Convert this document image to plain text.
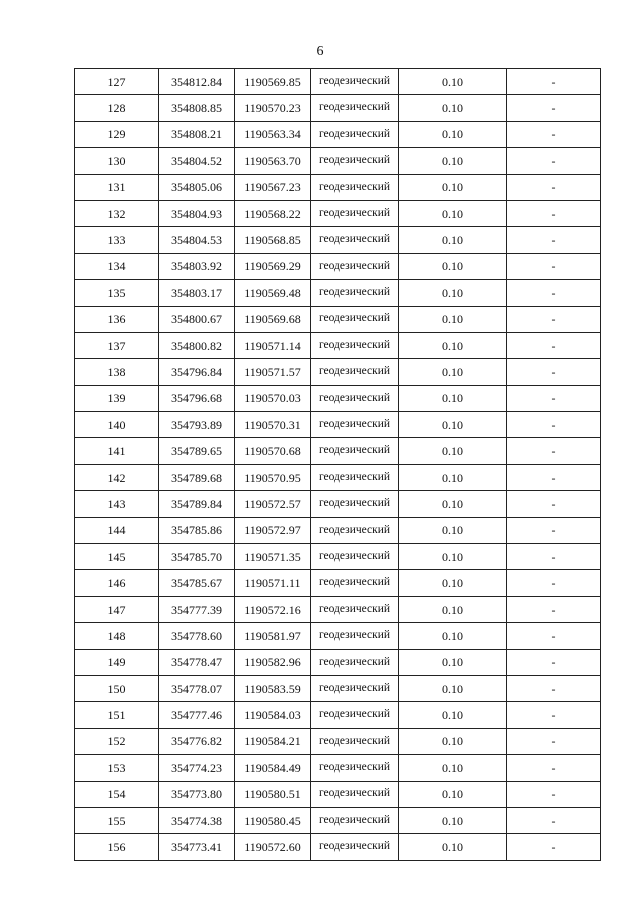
6
127	354812.84	1190569.85	геодезический	0.10	-
128	354808.85	1190570.23	геодезический	0.10	-
129	354808.21	1190563.34	геодезический	0.10	-
130	354804.52	1190563.70	геодезический	0.10	-
131	354805.06	1190567.23	геодезический	0.10	-
132	354804.93	1190568.22	геодезический	0.10	-
133	354804.53	1190568.85	геодезический	0.10	-
134	354803.92	1190569.29	геодезический	0.10	-
135	354803.17	1190569.48	геодезический	0.10	-
136	354800.67	1190569.68	геодезический	0.10	-
137	354800.82	1190571.14	геодезический	0.10	-
138	354796.84	1190571.57	геодезический	0.10	-
139	354796.68	1190570.03	геодезический	0.10	-
140	354793.89	1190570.31	геодезический	0.10	-
141	354789.65	1190570.68	геодезический	0.10	-
142	354789.68	1190570.95	геодезический	0.10	-
143	354789.84	1190572.57	геодезический	0.10	-
144	354785.86	1190572.97	геодезический	0.10	-
145	354785.70	1190571.35	геодезический	0.10	-
146	354785.67	1190571.11	геодезический	0.10	-
147	354777.39	1190572.16	геодезический	0.10	-
148	354778.60	1190581.97	геодезический	0.10	-
149	354778.47	1190582.96	геодезический	0.10	-
150	354778.07	1190583.59	геодезический	0.10	-
151	354777.46	1190584.03	геодезический	0.10	-
152	354776.82	1190584.21	геодезический	0.10	-
153	354774.23	1190584.49	геодезический	0.10	-
154	354773.80	1190580.51	геодезический	0.10	-
155	354774.38	1190580.45	геодезический	0.10	-
156	354773.41	1190572.60	геодезический	0.10	-
